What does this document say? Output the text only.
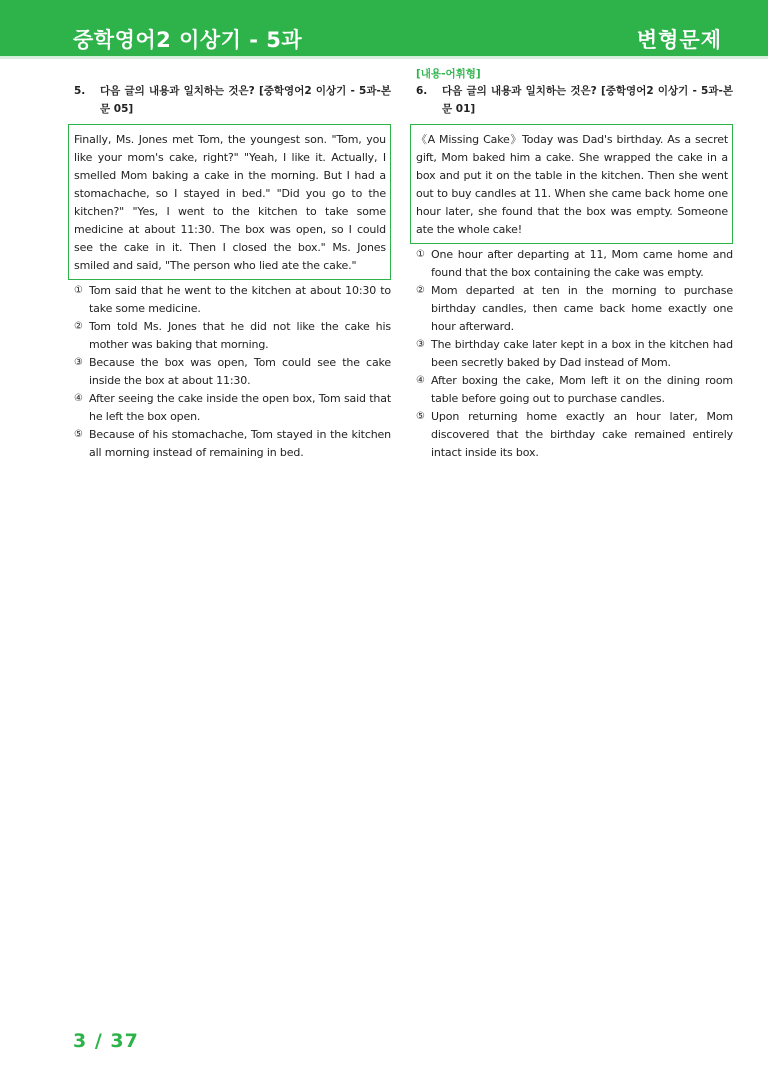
중학영어2 이상기 - 5과	변형문제
5.	다음 글의 내용과 일치하는 것은? [중학영어2 이상기 - 5과-본문 05]
Finally, Ms. Jones met Tom, the youngest son. "Tom, you like your mom's cake, right?" "Yeah, I like it. Actually, I smelled Mom baking a cake in the morning. But I had a stomachache, so I stayed in bed." "Did you go to the kitchen?" "Yes, I went to the kitchen to take some medicine at about 11:30. The box was open, so I could see the cake in it. Then I closed the box." Ms. Jones smiled and said, "The person who lied ate the cake."
① Tom said that he went to the kitchen at about 10:30 to take some medicine.
② Tom told Ms. Jones that he did not like the cake his mother was baking that morning.
③ Because the box was open, Tom could see the cake inside the box at about 11:30.
④ After seeing the cake inside the open box, Tom said that he left the box open.
⑤ Because of his stomachache, Tom stayed in the kitchen all morning instead of remaining in bed.
[내용-어휘형]
6.	다음 글의 내용과 일치하는 것은? [중학영어2 이상기 - 5과-본문 01]
《A Missing Cake》Today was Dad's birthday. As a secret gift, Mom baked him a cake. She wrapped the cake in a box and put it on the table in the kitchen. Then she went out to buy candles at 11. When she came back home one hour later, she found that the box was empty. Someone ate the whole cake!
① One hour after departing at 11, Mom came home and found that the box containing the cake was empty.
② Mom departed at ten in the morning to purchase birthday candles, then came back home exactly one hour afterward.
③ The birthday cake later kept in a box in the kitchen had been secretly baked by Dad instead of Mom.
④ After boxing the cake, Mom left it on the dining room table before going out to purchase candles.
⑤ Upon returning home exactly an hour later, Mom discovered that the birthday cake remained entirely intact inside its box.
3 / 37
